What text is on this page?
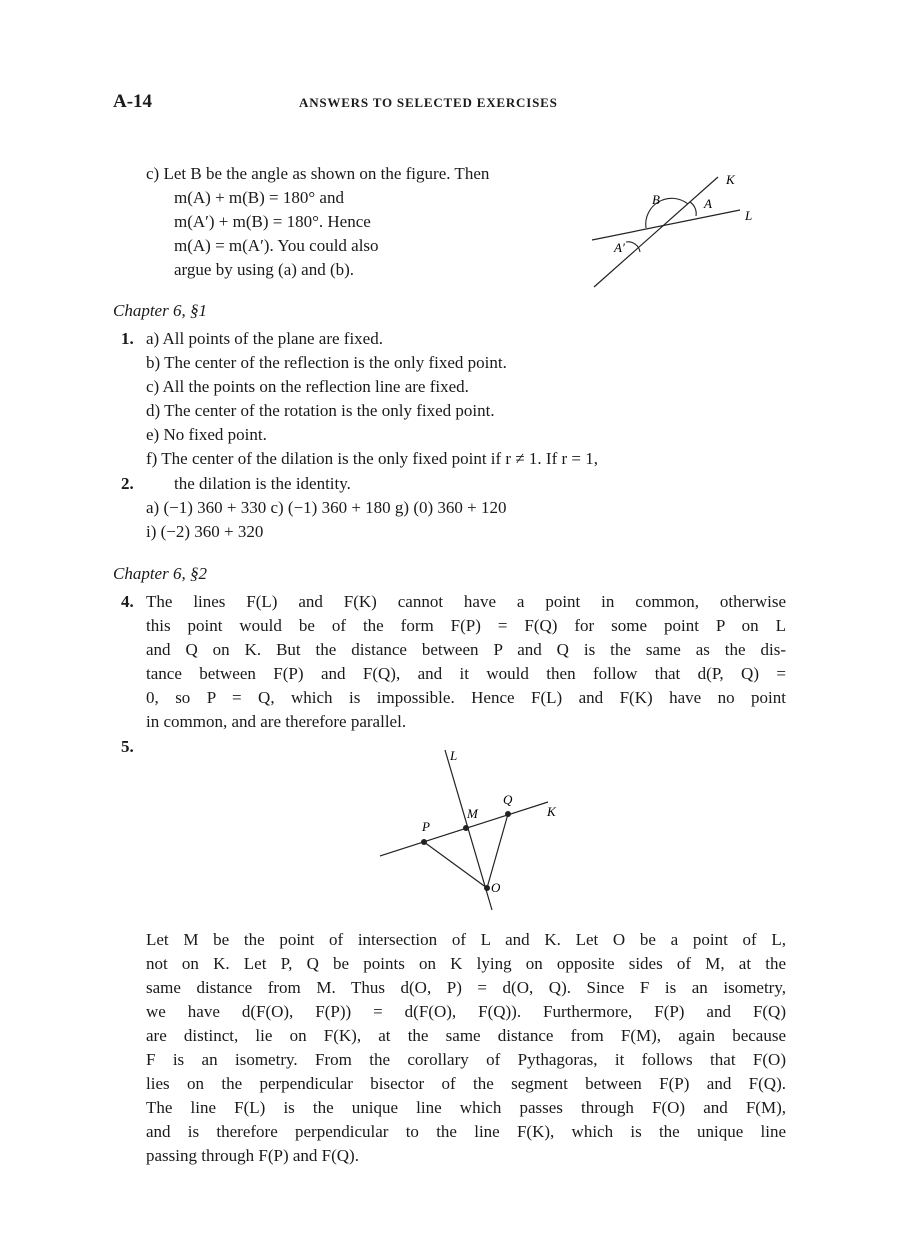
A-14	ANSWERS TO SELECTED EXERCISES
c) Let B be the angle as shown on the figure. Then
m(A) + m(B) = 180° and
m(A′) + m(B) = 180°. Hence
m(A) = m(A′). You could also
argue by using (a) and (b).
K
B	A
L
A′
Chapter 6, §1
1. a) All points of the plane are fixed.
b) The center of the reflection is the only fixed point.
c) All the points on the reflection line are fixed.
d) The center of the rotation is the only fixed point.
e) No fixed point.
f) The center of the dilation is the only fixed point if r ≠ 1. If r = 1,
2. the dilation is the identity.
a) (−1) 360 + 330 c) (−1) 360 + 180 g) (0) 360 + 120
i) (−2) 360 + 320
Chapter 6, §2
4. The lines F(L) and F(K) cannot have a point in common, otherwise
this point would be of the form F(P) = F(Q) for some point P on L
and Q on K. But the distance between P and Q is the same as the dis-
tance between F(P) and F(Q), and it would then follow that d(P, Q) =
0, so P = Q, which is impossible. Hence F(L) and F(K) have no point
in common, and are therefore parallel.
5.	L
Q
M	K
P
O
Let M be the point of intersection of L and K. Let O be a point of L,
not on K. Let P, Q be points on K lying on opposite sides of M, at the
same distance from M. Thus d(O, P) = d(O, Q). Since F is an isometry,
we have d(F(O), F(P)) = d(F(O), F(Q)). Furthermore, F(P) and F(Q)
are distinct, lie on F(K), at the same distance from F(M), again because
F is an isometry. From the corollary of Pythagoras, it follows that F(O)
lies on the perpendicular bisector of the segment between F(P) and F(Q).
The line F(L) is the unique line which passes through F(O) and F(M),
and is therefore perpendicular to the line F(K), which is the unique line
passing through F(P) and F(Q).
